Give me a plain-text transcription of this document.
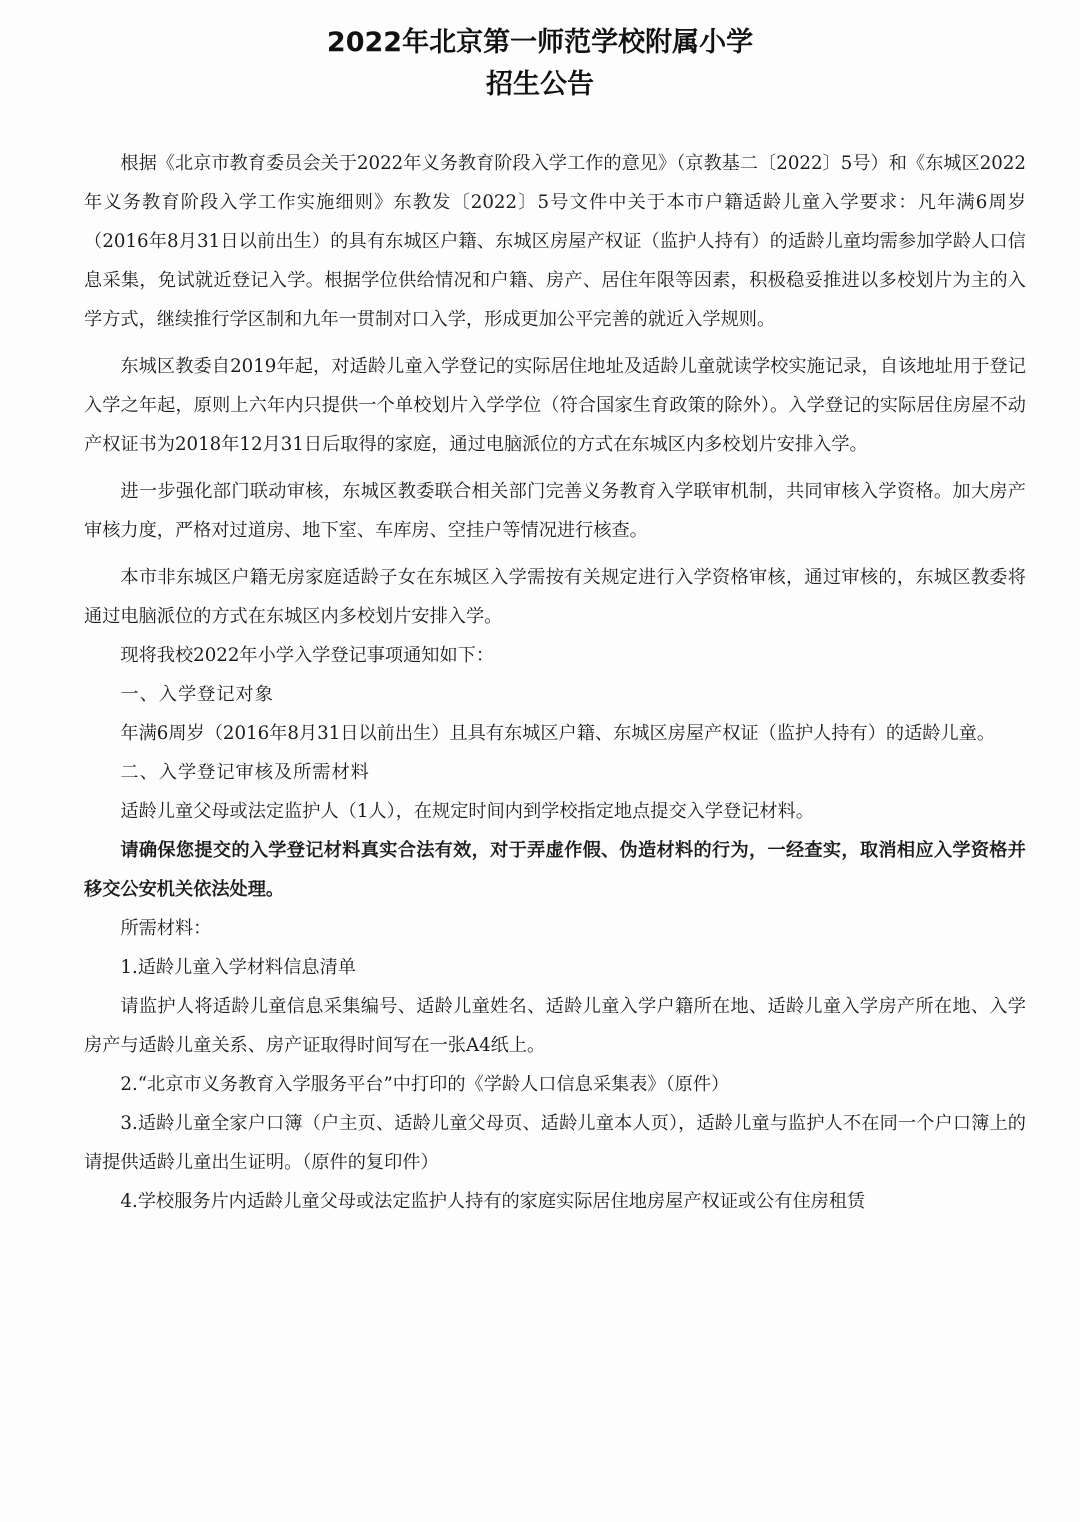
2022年北京第一师范学校附属小学
招生公告

根据《北京市教育委员会关于2022年义务教育阶段入学工作的意见》（京教基二〔2022〕5号）和《东城区2022年义务教育阶段入学工作实施细则》东教发〔2022〕5号文件中关于本市户籍适龄儿童入学要求：凡年满6周岁（2016年8月31日以前出生）的具有东城区户籍、东城区房屋产权证（监护人持有）的适龄儿童均需参加学龄人口信息采集，免试就近登记入学。根据学位供给情况和户籍、房产、居住年限等因素，积极稳妥推进以多校划片为主的入学方式，继续推行学区制和九年一贯制对口入学，形成更加公平完善的就近入学规则。

东城区教委自2019年起，对适龄儿童入学登记的实际居住地址及适龄儿童就读学校实施记录，自该地址用于登记入学之年起，原则上六年内只提供一个单校划片入学学位（符合国家生育政策的除外）。入学登记的实际居住房屋不动产权证书为2018年12月31日后取得的家庭，通过电脑派位的方式在东城区内多校划片安排入学。

进一步强化部门联动审核，东城区教委联合相关部门完善义务教育入学联审机制，共同审核入学资格。加大房产审核力度，严格对过道房、地下室、车库房、空挂户等情况进行核查。

本市非东城区户籍无房家庭适龄子女在东城区入学需按有关规定进行入学资格审核，通过审核的，东城区教委将通过电脑派位的方式在东城区内多校划片安排入学。

现将我校2022年小学入学登记事项通知如下：

一、入学登记对象

年满6周岁（2016年8月31日以前出生）且具有东城区户籍、东城区房屋产权证（监护人持有）的适龄儿童。

二、入学登记审核及所需材料

适龄儿童父母或法定监护人（1人），在规定时间内到学校指定地点提交入学登记材料。

请确保您提交的入学登记材料真实合法有效，对于弄虚作假、伪造材料的行为，一经查实，取消相应入学资格并移交公安机关依法处理。

所需材料：

1.适龄儿童入学材料信息清单

请监护人将适龄儿童信息采集编号、适龄儿童姓名、适龄儿童入学户籍所在地、适龄儿童入学房产所在地、入学房产与适龄儿童关系、房产证取得时间写在一张A4纸上。

2.“北京市义务教育入学服务平台”中打印的《学龄人口信息采集表》（原件）

3.适龄儿童全家户口簿（户主页、适龄儿童父母页、适龄儿童本人页），适龄儿童与监护人不在同一个户口簿上的请提供适龄儿童出生证明。（原件的复印件）

4.学校服务片内适龄儿童父母或法定监护人持有的家庭实际居住地房屋产权证或公有住房租赁
